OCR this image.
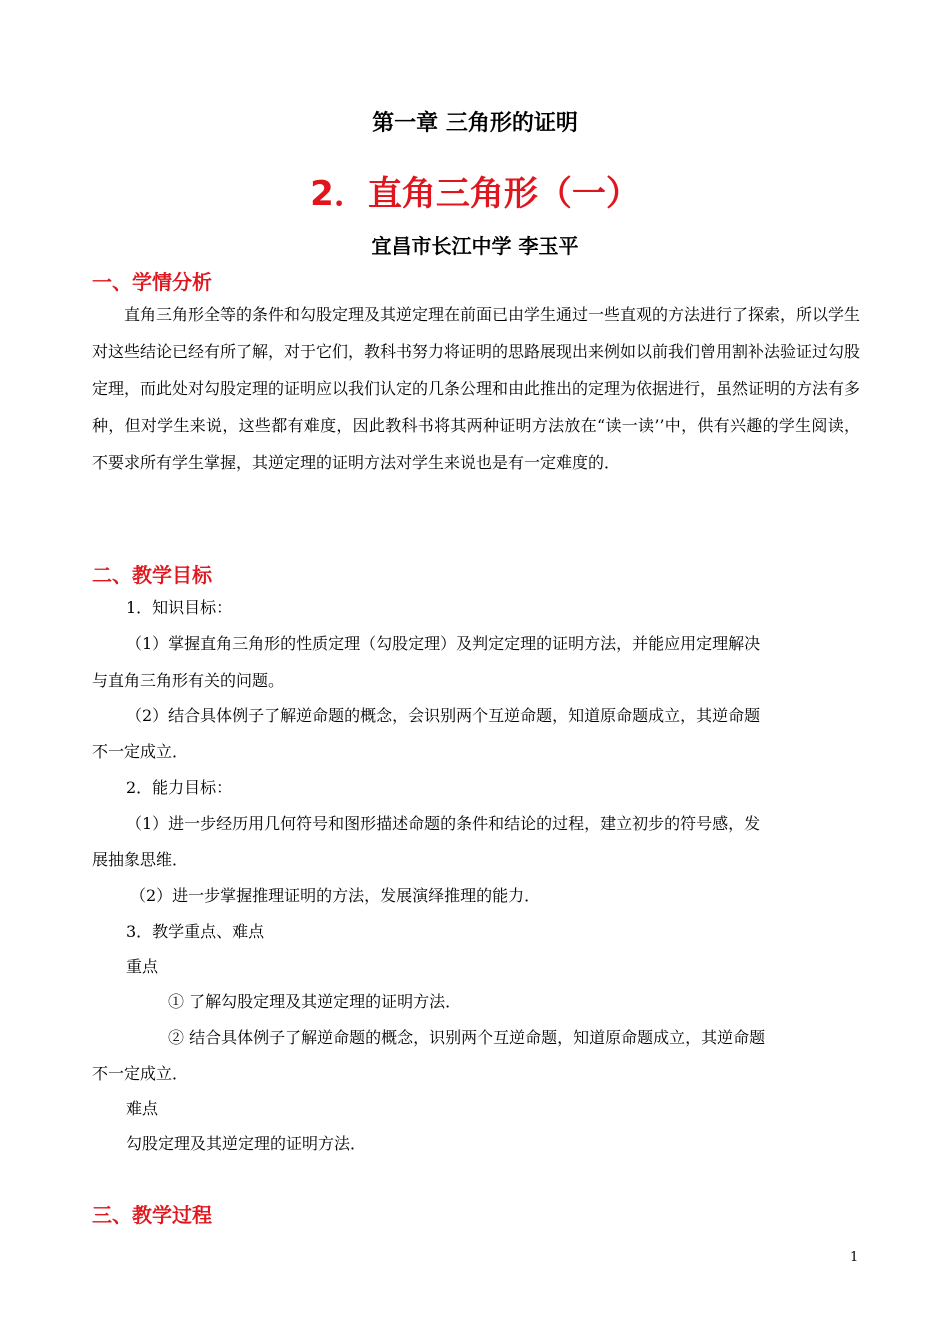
第一章 三角形的证明
2．直角三角形（一）
宜昌市长江中学 李玉平
一、学情分析
　　直角三角形全等的条件和勾股定理及其逆定理在前面已由学生通过一些直观的方法进行了探索，所以学生对这些结论已经有所了解，对于它们，教科书努力将证明的思路展现出来例如以前我们曾用割补法验证过勾股定理，而此处对勾股定理的证明应以我们认定的几条公理和由此推出的定理为依据进行，虽然证明的方法有多种，但对学生来说，这些都有难度，因此教科书将其两种证明方法放在“读一读’’中，供有兴趣的学生阅读，不要求所有学生掌握，其逆定理的证明方法对学生来说也是有一定难度的．
二、教学目标
1．知识目标：
（1）掌握直角三角形的性质定理（勾股定理）及判定定理的证明方法，并能应用定理解决
与直角三角形有关的问题。
（2）结合具体例子了解逆命题的概念，会识别两个互逆命题，知道原命题成立，其逆命题
不一定成立．
2．能力目标：
（1）进一步经历用几何符号和图形描述命题的条件和结论的过程，建立初步的符号感，发
展抽象思维．
（2）进一步掌握推理证明的方法，发展演绎推理的能力．
3．教学重点、难点
重点
① 了解勾股定理及其逆定理的证明方法．
② 结合具体例子了解逆命题的概念，识别两个互逆命题，知道原命题成立，其逆命题
不一定成立．
难点
勾股定理及其逆定理的证明方法．
三、教学过程
1
